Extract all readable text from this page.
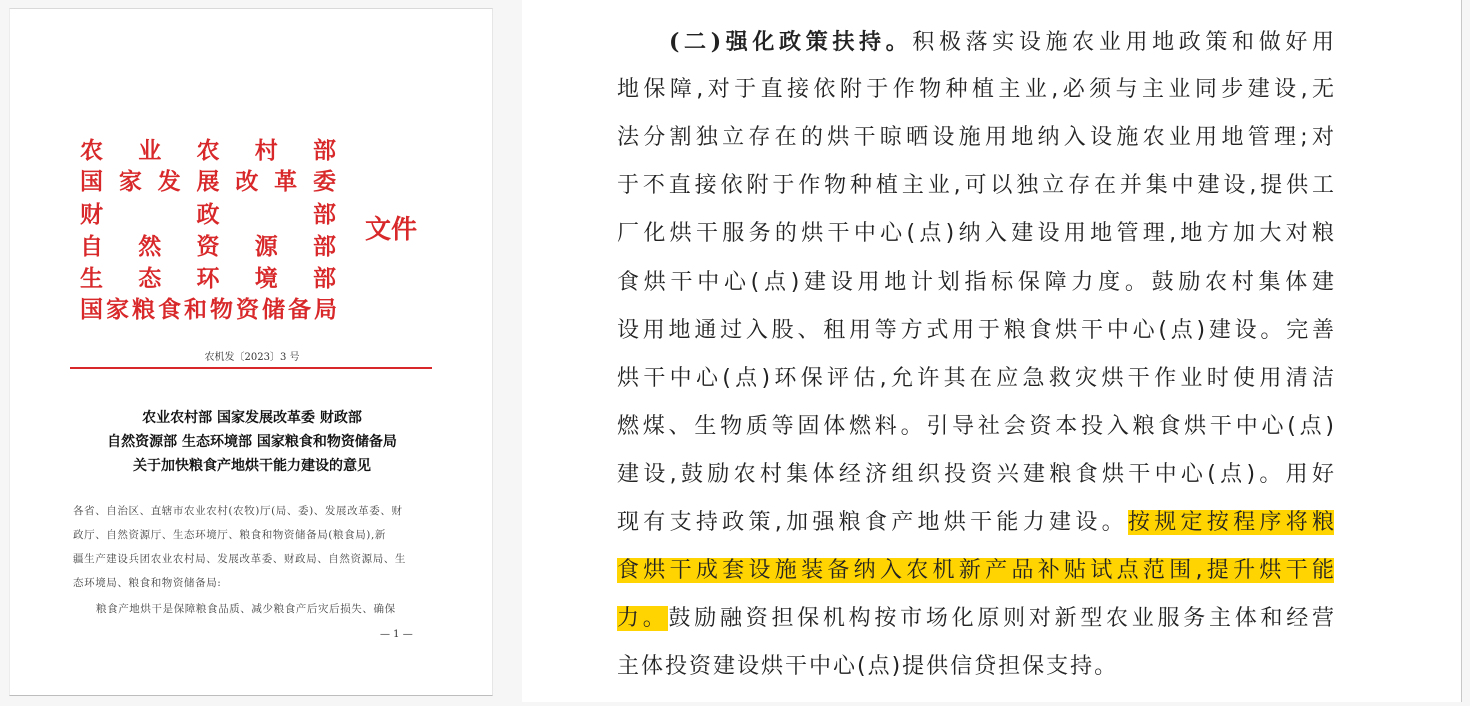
农 业 农 村 部
国 家 发 展 改 革 委
财	政	部
自 然 资 源 部
生 态 环 境 部
国 家 粮 食 和 物 资 储 备 局
文件
农机发〔2023〕3 号
农业农村部 国家发展改革委 财政部
自然资源部 生态环境部 国家粮食和物资储备局
关于加快粮食产地烘干能力建设的意见
各省、自治区、直辖市农业农村(农牧)厅(局、委)、发展改革委、财
政厅、自然资源厅、生态环境厅、粮食和物资储备局(粮食局),新
疆生产建设兵团农业农村局、发展改革委、财政局、自然资源局、生
态环境局、粮食和物资储备局:
粮食产地烘干是保障粮食品质、减少粮食产后灾后损失、确保
— 1 —
(二)强化政策扶持。积极落实设施农业用地政策和做好用
地保障,对于直接依附于作物种植主业,必须与主业同步建设,无
法分割独立存在的烘干晾晒设施用地纳入设施农业用地管理;对
于不直接依附于作物种植主业,可以独立存在并集中建设,提供工
厂化烘干服务的烘干中心(点)纳入建设用地管理,地方加大对粮
食烘干中心(点)建设用地计划指标保障力度。鼓励农村集体建
设用地通过入股、租用等方式用于粮食烘干中心(点)建设。完善
烘干中心(点)环保评估,允许其在应急救灾烘干作业时使用清洁
燃煤、生物质等固体燃料。引导社会资本投入粮食烘干中心(点)
建设,鼓励农村集体经济组织投资兴建粮食烘干中心(点)。用好
现有支持政策,加强粮食产地烘干能力建设。按规定按程序将粮
食烘干成套设施装备纳入农机新产品补贴试点范围,提升烘干能
力。鼓励融资担保机构按市场化原则对新型农业服务主体和经营
主体投资建设烘干中心(点)提供信贷担保支持。
